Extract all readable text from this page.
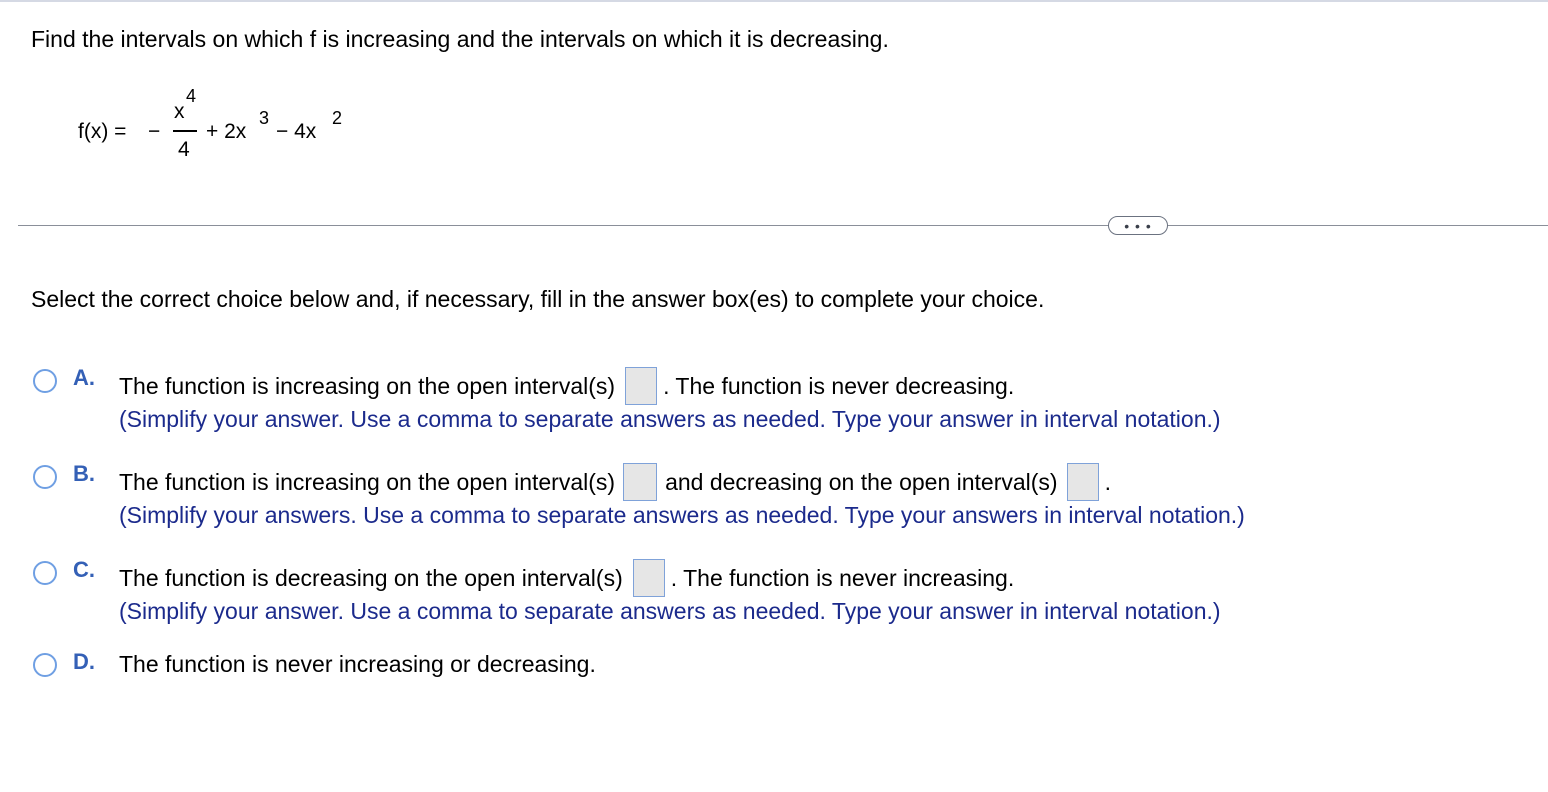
Find the intervals on which f is increasing and the intervals on which it is decreasing.
f(x) = −
x
4
4
+ 2x
3
− 4x
2
• • •
Select the correct choice below and, if necessary, fill in the answer box(es) to complete your choice.
A. The function is increasing on the open interval(s) . The function is never decreasing.
(Simplify your answer. Use a comma to separate answers as needed. Type your answer in interval notation.)
B. The function is increasing on the open interval(s) and decreasing on the open interval(s) .
(Simplify your answers. Use a comma to separate answers as needed. Type your answers in interval notation.)
C. The function is decreasing on the open interval(s) . The function is never increasing.
(Simplify your answer. Use a comma to separate answers as needed. Type your answer in interval notation.)
D. The function is never increasing or decreasing.
